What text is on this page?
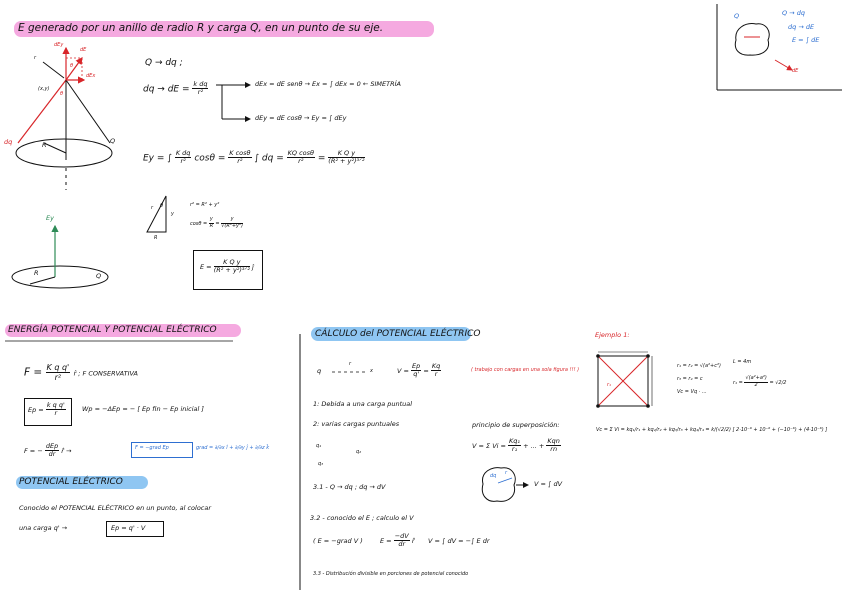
E generado por un anillo de radio R y carga Q, en un punto de su eje.
Q	Q → dq
dq → dE
E = ∫ dE
dE
dEy
dE
dEx
θ
θ
(x,y)
r
dq	R	Q
Ey
R	Q
Q → dq ;
dq → dE = $\frac{\text{k dq}}{\text{r²}}$	dEx = dE senθ → Ex = ∫ dEx = 0 ← SIMETRÍA
dEy = dE cosθ → Ey = ∫ dEy
Ey = ∫ $\frac{\text{K dq}}{\text{r²}}$ $\cos\theta = \frac{\text{K cosθ}}{\text{r²}}$ ∫ dq = $\frac{\text{KQ cosθ}}{\text{r²}}$ =
K Q y
(R² + y²)³ᐟ²
r θ
y
R
r² = R² + y²
$\cos\theta = \frac{y}{R} = \frac{y}{\text{√(R²+y²)}}$
E =
K Q y
(R² + y²)³ᐟ² ĵ
ENERGÍA POTENCIAL Y POTENCIAL ELÉCTRICO
$F = \frac{\text{K q q'}}{\text{r²}}$ r̂ ; F CONSERVATIVA
$Ep = \frac{\text{k q q'}}{r}$ Wp = −ΔEp = − [ Ep fin − Ep inicial ]
F = −
dEp
dr r̂ →	F = −grad Ep	grad = ∂/∂x î + ∂/∂y ĵ + ∂/∂z k̂
POTENCIAL ELÉCTRICO
Conocido el POTENCIAL ELÉCTRICO en un punto, al colocar
una carga q' →	Ep = q' · V
CÁLCULO del POTENCIAL ELÉCTRICO
q
r
x	$V = \frac{Ep}{q'} = \frac{Kq}{r}$	( trabajo con cargas en una sola figura !!! )
1: Debida a una carga puntual
2: varias cargas puntuales
q₁
q₂
q₃
principio de superposición:
V = Σ $Vi = \frac{\text{Kq₁}}{\text{r₁}}$ + ... +
Kqn
rn
3.1 - Q → dq ; dq → dV
r
dq
V = ∫ dV
3.2 - conocido el E ; calculo el V
( E = −grad V )	$E = \frac{-dV}{dr}$ r̂ V = ∫ dV = −∫ E dr
3.3 - Distribución divisible en porciones de potencial conocido
Ejemplo 1:
r₁
r₁ = r₂ = √(a²+c²)
r₃ = r₄ = c
Vc = Vq · ...
L = 4m
$r_1 = \frac{\text{√(a²+a²)}}{2} = √2/2$
Vc = Σ Vi = kq₁/r₁ + kq₂/r₂ + kq₃/r₃ + kq₄/r₄ = k/(√2/2) [ 2·10⁻⁶ + 10⁻⁶ + (−10⁻⁶) + (4·10⁻⁶) ]
